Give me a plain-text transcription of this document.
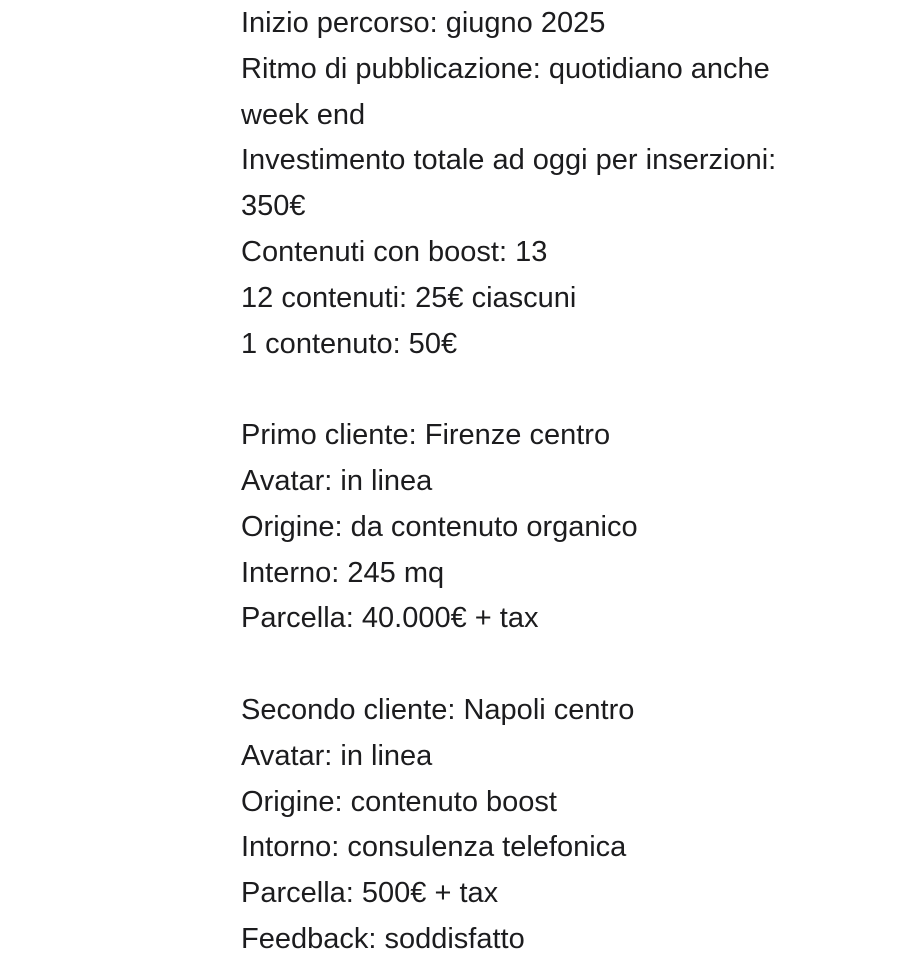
Inizio percorso: giugno 2025

Ritmo di pubblicazione: quotidiano anche

week end

Investimento totale ad oggi per inserzioni:

350€

Contenuti con boost: 13

12 contenuti: 25€ ciascuni

1 contenuto: 50€

Primo cliente: Firenze centro

Avatar: in linea

Origine: da contenuto organico

Interno: 245 mq

Parcella: 40.000€ + tax

Secondo cliente: Napoli centro

Avatar: in linea

Origine: contenuto boost

Intorno: consulenza telefonica

Parcella: 500€ + tax

Feedback: soddisfatto
